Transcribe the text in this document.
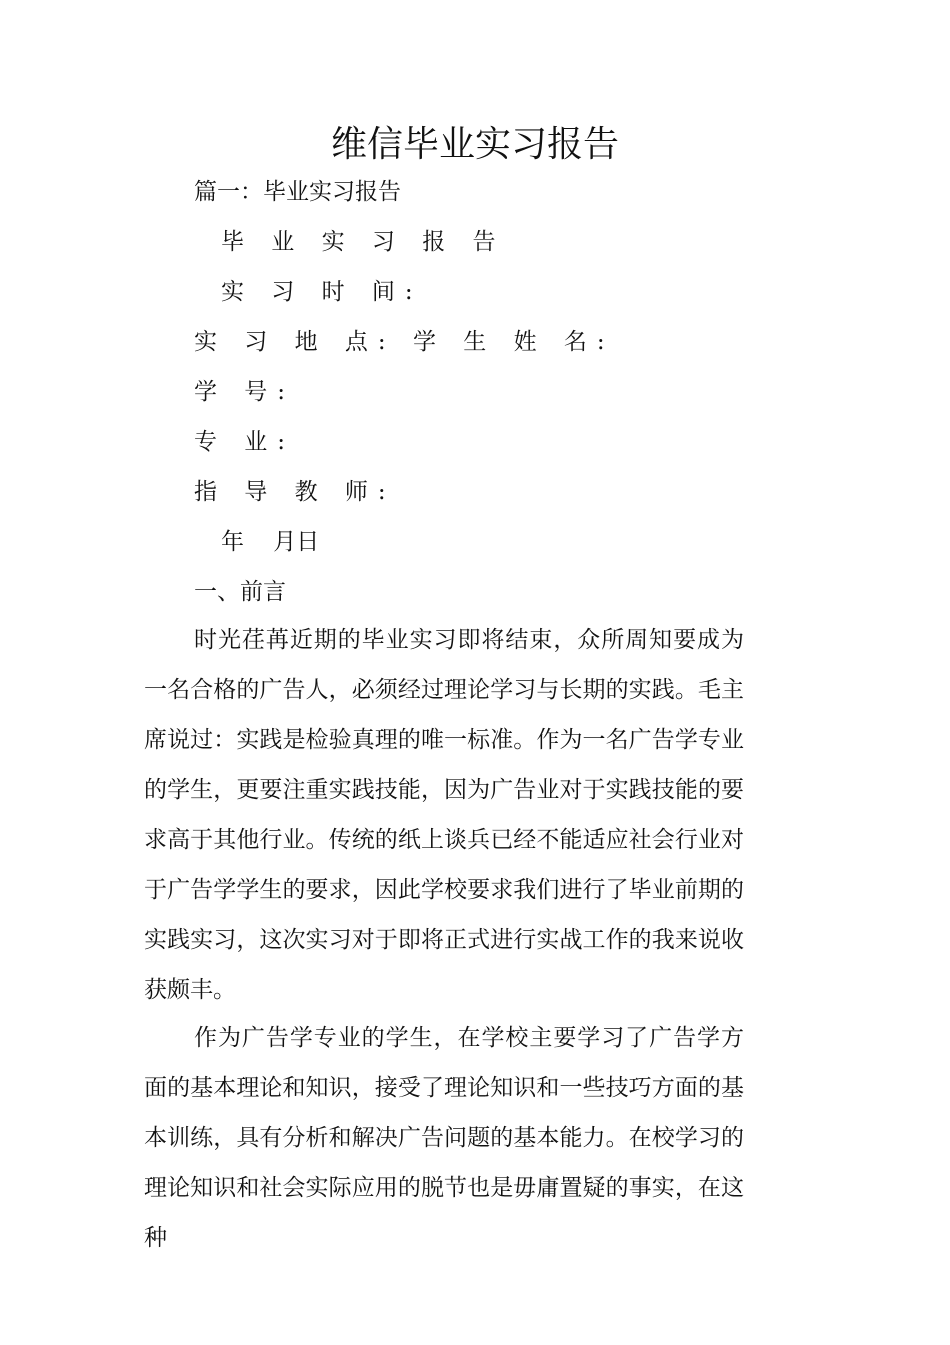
维信毕业实习报告

篇一：毕业实习报告

毕 业 实 习 报 告

实 习 时 间:

实 习 地 点: 学 生 姓 名:

学 号:

专 业:

指 导 教 师:

年    月日

一、前言

时光荏苒近期的毕业实习即将结束，众所周知要成为一名合格的广告人，必须经过理论学习与长期的实践。毛主席说过：实践是检验真理的唯一标准。作为一名广告学专业的学生，更要注重实践技能，因为广告业对于实践技能的要求高于其他行业。传统的纸上谈兵已经不能适应社会行业对于广告学学生的要求，因此学校要求我们进行了毕业前期的实践实习，这次实习对于即将正式进行实战工作的我来说收获颇丰。

作为广告学专业的学生，在学校主要学习了广告学方面的基本理论和知识，接受了理论知识和一些技巧方面的基本训练，具有分析和解决广告问题的基本能力。在校学习的理论知识和社会实际应用的脱节也是毋庸置疑的事实，在这种
